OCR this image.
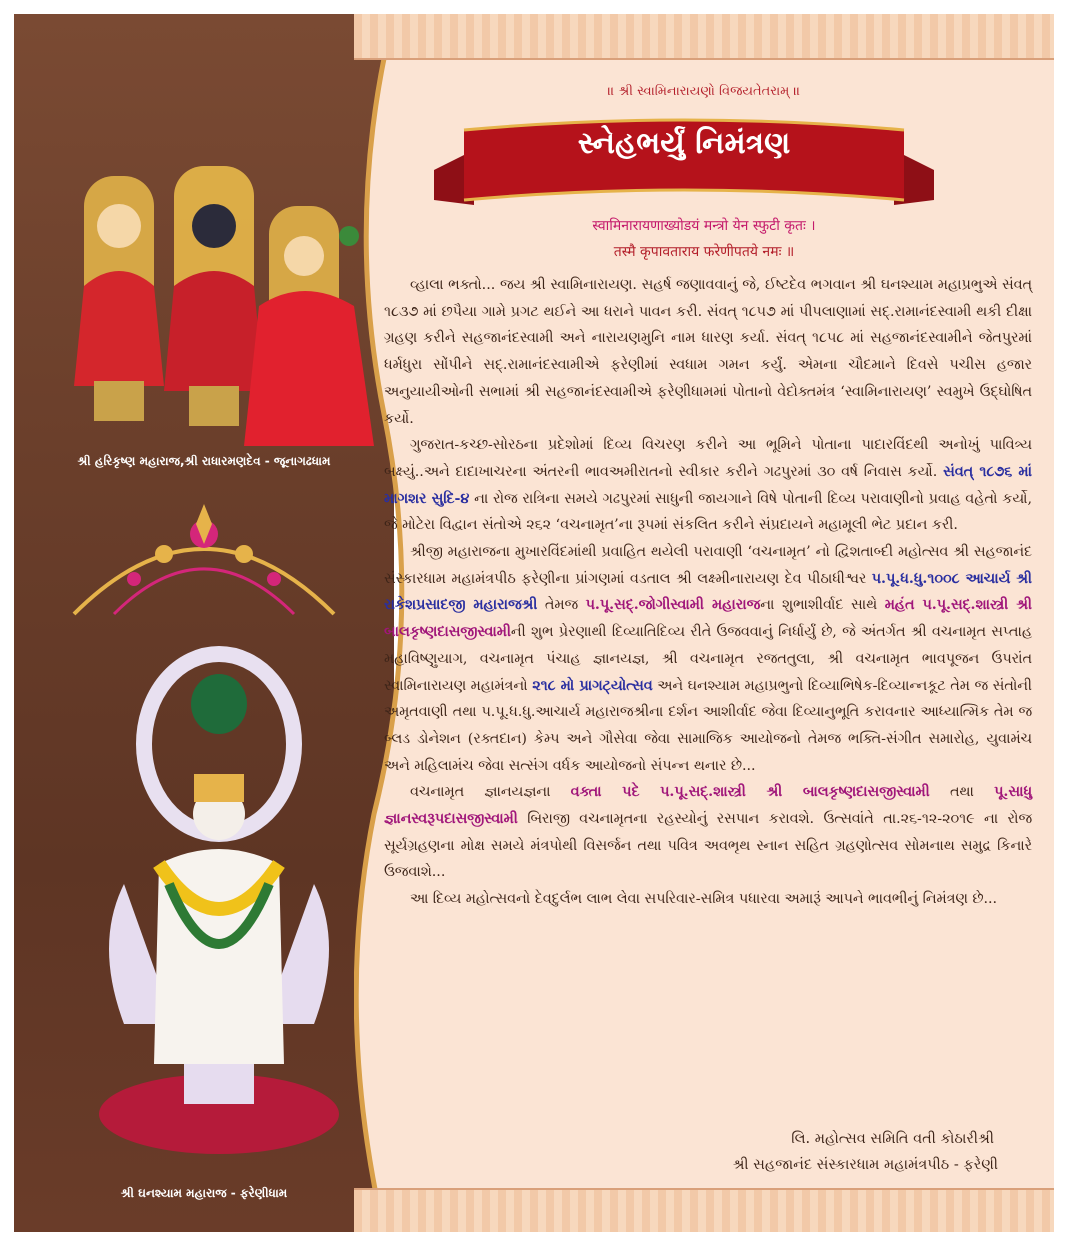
શ્રી હરિકૃષ્ણ મહારાજ,શ્રી રાધારમણદેવ - જૂનાગઢધામ
શ્રી ઘનશ્યામ મહારાજ - ફરેણીધામ
॥ શ્રી સ્વામિનારાયણો વિજયતેતરામ્ ॥
સ્નેહભર્યું નિમંત્રણ
स्वामिनारायणाख्योडयं मन्त्रो येन स्फुटी कृतः ।
तस्मै कृपावताराय फरेणीपतये नमः ॥

વ્હાલા ભક્તો... જય શ્રી સ્વામિનારાયણ. સહર્ષ જણાવવાનું જે, ઈષ્ટદેવ ભગવાન શ્રી ઘનશ્યામ મહાપ્રભુએ સંવત્ ૧૮૩૭ માં છપૈયા ગામે પ્રગટ થઈને આ ધરાને પાવન કરી. સંવત્ ૧૮૫૭ માં પીપલાણામાં સદ્.રામાનંદસ્વામી થકી દીક્ષા ગ્રહણ કરીને સહજાનંદસ્વામી અને નારાયણમુનિ નામ ધારણ કર્યા. સંવત્ ૧૮૫૮ માં સહજાનંદસ્વામીને જેતપુરમાં ધર્મધુરા સોંપીને સદ્.રામાનંદસ્વામીએ ફરેણીમાં સ્વધામ ગમન કર્યું. એમના ચૌદમાને દિવસે પચીસ હજાર અનુયાયીઓની સભામાં શ્રી સહજાનંદસ્વામીએ ફરેણીધામમાં પોતાનો વેદોક્તમંત્ર ‘સ્વામિનારાયણ’ સ્વમુખે ઉદ્ઘોષિત કર્યો.

ગુજરાત-કચ્છ-સોરઠના પ્રદેશોમાં દિવ્ય વિચરણ કરીને આ ભૂમિને પોતાના પાદારવિંદથી અનોખું પાવિત્ર્ય બક્ષ્યું..અને દાદાખાચરના અંતરની ભાવઅમીરાતનો સ્વીકાર કરીને ગઢપુરમાં ૩૦ વર્ષ નિવાસ કર્યો. સંવત્ ૧૮૭૬ માં માગશર સુદિ-૪ ના રોજ રાત્રિના સમયે ગઢપુરમાં સાધુની જાયગાને વિષે પોતાની દિવ્ય પરાવાણીનો પ્રવાહ વહેતો કર્યો, જે મોટેરા વિદ્વાન સંતોએ ૨૬૨ ‘વચનામૃત’ના રૂપમાં સંકલિત કરીને સંપ્રદાયને મહામૂલી ભેટ પ્રદાન કરી.

શ્રીજી મહારાજના મુખારવિંદમાંથી પ્રવાહિત થયેલી પરાવાણી ‘વચનામૃત’ નો દ્વિશતાબ્દી મહોત્સવ શ્રી સહજાનંદ સંસ્કારધામ મહામંત્રપીઠ ફરેણીના પ્રાંગણમાં વડતાલ શ્રી લક્ષ્મીનારાયણ દેવ પીઠાધીશ્વર પ.પૂ.ધ.ધુ.૧૦૦૮ આચાર્ય શ્રી રાકેશપ્રસાદજી મહારાજશ્રી તેમજ પ.પૂ.સદ્.જોગીસ્વામી મહારાજના શુભાશીર્વાદ સાથે મહંત પ.પૂ.સદ્.શાસ્ત્રી શ્રી બાલકૃષ્ણદાસજીસ્વામીની શુભ પ્રેરણાથી દિવ્યાતિદિવ્ય રીતે ઉજવવાનું નિર્ધાર્યું છે, જે અંતર્ગત શ્રી વચનામૃત સપ્તાહ મહાવિષ્ણુયાગ, વચનામૃત પંચાહ જ્ઞાનયજ્ઞ, શ્રી વચનામૃત રજતતુલા, શ્રી વચનામૃત ભાવપૂજન ઉપરાંત સ્વામિનારાયણ મહામંત્રનો ૨૧૮ મો પ્રાગટ્યોત્સવ અને ઘનશ્યામ મહાપ્રભુનો દિવ્યાભિષેક-દિવ્યાન્નકૂટ તેમ જ સંતોની અમૃતવાણી તથા પ.પૂ.ધ.ધુ.આચાર્ય મહારાજશ્રીના દર્શન આશીર્વાદ જેવા દિવ્યાનુભૂતિ કરાવનાર આધ્યાત્મિક તેમ જ બ્લડ ડોનેશન (રક્તદાન) કેમ્પ અને ગૌસેવા જેવા સામાજિક આયોજનો તેમજ ભક્તિ-સંગીત સમારોહ, યુવામંચ અને મહિલામંચ જેવા સત્સંગ વર્ધક આયોજનો સંપન્ન થનાર છે...

વચનામૃત જ્ઞાનયજ્ઞના વક્તા પદે પ.પૂ.સદ્.શાસ્ત્રી શ્રી બાલકૃષ્ણદાસજીસ્વામી તથા પૂ.સાધુ જ્ઞાનસ્વરૂપદાસજીસ્વામી બિરાજી વચનામૃતના રહસ્યોનું રસપાન કરાવશે. ઉત્સવાંતે તા.૨૬-૧૨-૨૦૧૯ ના રોજ સૂર્યગ્રહણના મોક્ષ સમયે મંત્રપોથી વિસર્જન તથા પવિત્ર અવભૃથ સ્નાન સહિત ગ્રહણોત્સવ સોમનાથ સમુદ્ર કિનારે ઉજવાશે...

આ દિવ્ય મહોત્સવનો દેવદુર્લભ લાભ લેવા સપરિવાર-સમિત્ર પધારવા અમારૂં આપને ભાવભીનું નિમંત્રણ છે...

લિ. મહોત્સવ સમિતિ વતી કોઠારીશ્રી
શ્રી સહજાનંદ સંસ્કારધામ મહામંત્રપીઠ - ફરેણી
